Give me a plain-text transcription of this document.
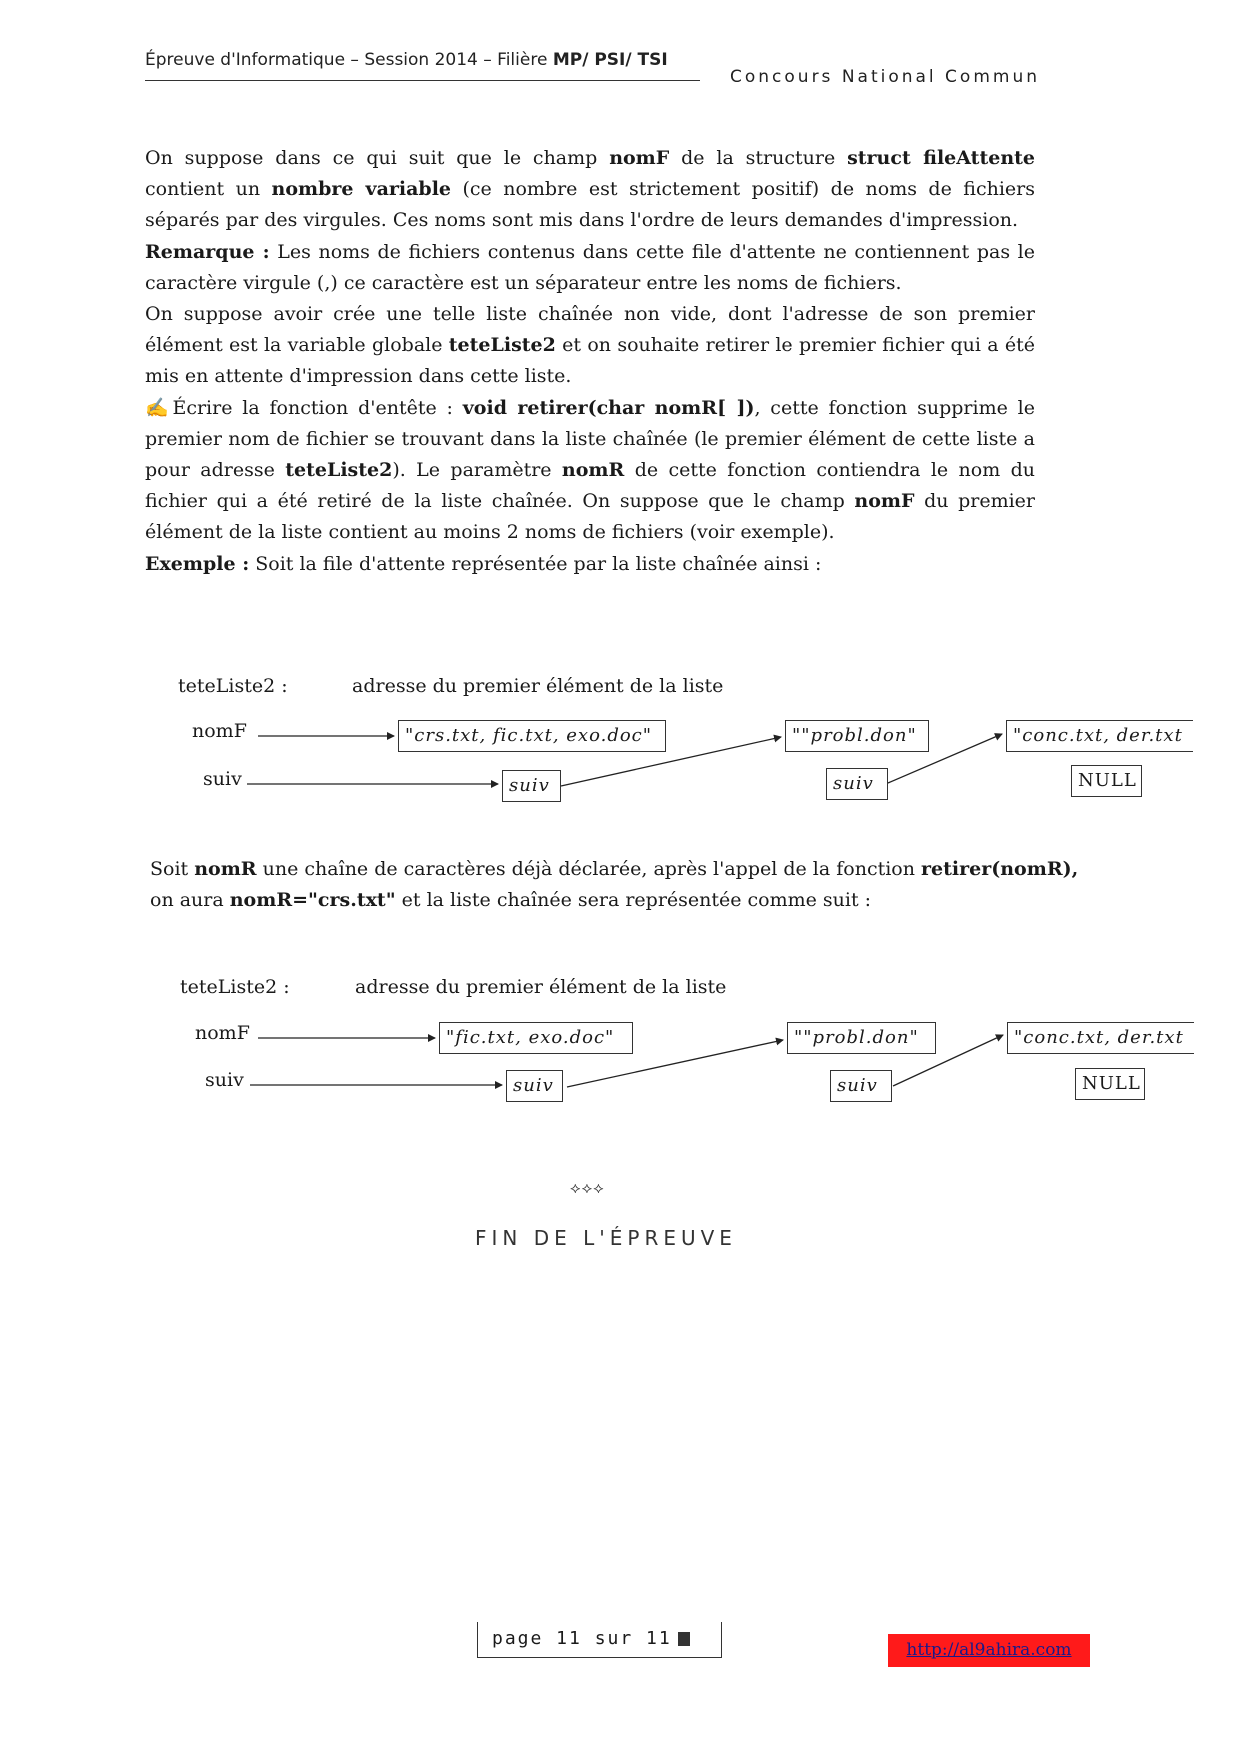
Épreuve d'Informatique – Session 2014 – Filière MP/ PSI/ TSI
Concours National Commun

On suppose dans ce qui suit que le champ nomF de la structure struct fileAttente contient un nombre variable (ce nombre est strictement positif) de noms de fichiers séparés par des virgules. Ces noms sont mis dans l'ordre de leurs demandes d'impression.

Remarque : Les noms de fichiers contenus dans cette file d'attente ne contiennent pas le caractère virgule (,) ce caractère est un séparateur entre les noms de fichiers.

On suppose avoir crée une telle liste chaînée non vide, dont l'adresse de son premier élément est la variable globale teteListe2 et on souhaite retirer le premier fichier qui a été mis en attente d'impression dans cette liste.

✍Écrire la fonction d'entête : void retirer(char nomR[ ]), cette fonction supprime le premier nom de fichier se trouvant dans la liste chaînée (le premier élément de cette liste a pour adresse teteListe2). Le paramètre nomR de cette fonction contiendra le nom du fichier qui a été retiré de la liste chaînée. On suppose que le champ nomF du premier élément de la liste contient au moins 2 noms de fichiers (voir exemple).

Exemple : Soit la file d'attente représentée par la liste chaînée ainsi :

teteListe2 :	adresse du premier élément de la liste
nomF
suiv
"crs.txt, fic.txt, exo.doc"
suiv
""probl.don"
suiv
"conc.txt, der.txt
NULL
Soit nomR une chaîne de caractères déjà déclarée, après l'appel de la fonction retirer(nomR),
on aura nomR="crs.txt" et la liste chaînée sera représentée comme suit :
teteListe2 :	adresse du premier élément de la liste
nomF
suiv
"fic.txt, exo.doc"
suiv
""probl.don"
suiv
"conc.txt, der.txt
NULL
⟡⟡⟡
FIN DE L'ÉPREUVE
page 11 sur 11
http://al9ahira.com
